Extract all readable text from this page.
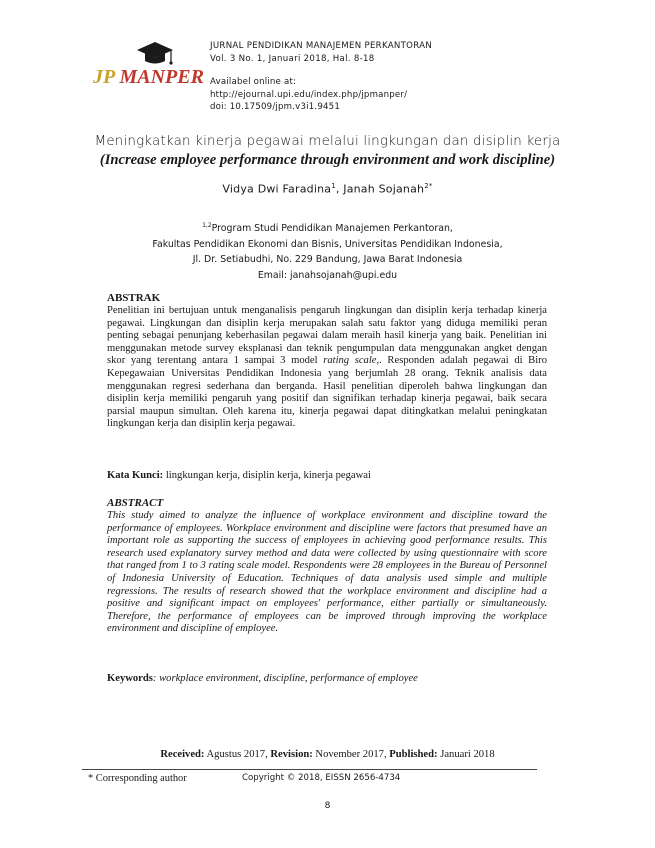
JP MANPER
JURNAL PENDIDIKAN MANAJEMEN PERKANTORAN
Vol. 3 No. 1, Januari 2018, Hal. 8-18
Availabel online at:
http://ejournal.upi.edu/index.php/jpmanper/
doi: 10.17509/jpm.v3i1.9451
Meningkatkan kinerja pegawai melalui lingkungan dan disiplin kerja
(Increase employee performance through environment and work discipline)
Vidya Dwi Faradina$^1$, Janah Sojanah$^{2*}$
$^{1,2}$Program Studi Pendidikan Manajemen Perkantoran,
Fakultas Pendidikan Ekonomi dan Bisnis, Universitas Pendidikan Indonesia,
Jl. Dr. Setiabudhi, No. 229 Bandung, Jawa Barat Indonesia
Email: janahsojanah@upi.edu
ABSTRAK
Penelitian ini bertujuan untuk menganalisis pengaruh lingkungan dan disiplin kerja terhadap kinerja pegawai. Lingkungan dan disiplin kerja merupakan salah satu faktor yang diduga memiliki peran penting sebagai penunjang keberhasilan pegawai dalam meraih hasil kinerja yang baik. Penelitian ini menggunakan metode survey eksplanasi dan teknik pengumpulan data menggunakan angket dengan skor yang terentang antara 1 sampai 3 model rating scale,. Responden adalah pegawai di Biro Kepegawaian Universitas Pendidikan Indonesia yang berjumlah 28 orang. Teknik analisis data menggunakan regresi sederhana dan berganda. Hasil penelitian diperoleh bahwa lingkungan dan disiplin kerja memiliki pengaruh yang positif dan signifikan terhadap kinerja pegawai, baik secara parsial maupun simultan. Oleh karena itu, kinerja pegawai dapat ditingkatkan melalui peningkatan lingkungan kerja dan disiplin kerja pegawai.
Kata Kunci: lingkungan kerja, disiplin kerja, kinerja pegawai
ABSTRACT
This study aimed to analyze the influence of workplace environment and discipline toward the performance of employees. Workplace environment and discipline were factors that presumed have an important role as supporting the success of employees in achieving good performance results. This research used explanatory survey method and data were collected by using questionnaire with score that ranged from 1 to 3 rating scale model. Respondents were 28 employees in the Bureau of Personnel of Indonesia University of Education. Techniques of data analysis used simple and multiple regressions. The results of research showed that the workplace environment and discipline had a positive and significant impact on employees' performance, either partially or simultaneously. Therefore, the performance of employees can be improved through improving the workplace environment and discipline of employee.
Keywords: workplace environment, discipline, performance of employee
Received: Agustus 2017, Revision: November 2017, Published: Januari 2018
* Corresponding author	Copyright © 2018, EISSN 2656-4734
8
